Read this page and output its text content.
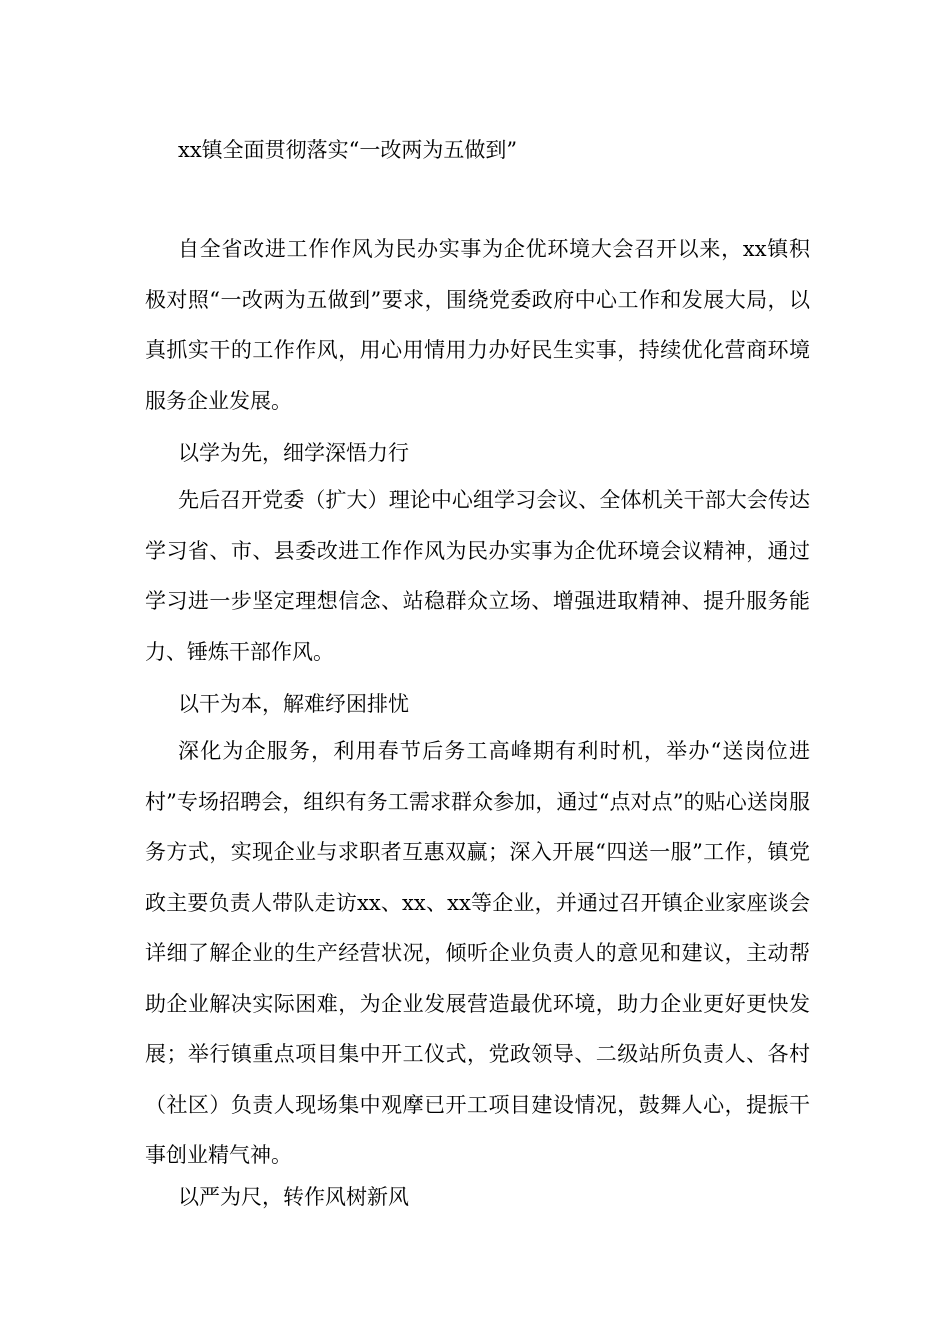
xx镇全面贯彻落实“一改两为五做到”

自全省改进工作作风为民办实事为企优环境大会召开以来，xx镇积极对照“一改两为五做到”要求，围绕党委政府中心工作和发展大局，以真抓实干的工作作风，用心用情用力办好民生实事，持续优化营商环境服务企业发展。

以学为先，细学深悟力行

先后召开党委（扩大）理论中心组学习会议、全体机关干部大会传达学习省、市、县委改进工作作风为民办实事为企优环境会议精神，通过学习进一步坚定理想信念、站稳群众立场、增强进取精神、提升服务能力、锤炼干部作风。

以干为本，解难纾困排忧

深化为企服务，利用春节后务工高峰期有利时机，举办“送岗位进村”专场招聘会，组织有务工需求群众参加，通过“点对点”的贴心送岗服务方式，实现企业与求职者互惠双赢；深入开展“四送一服”工作，镇党政主要负责人带队走访xx、xx、xx等企业，并通过召开镇企业家座谈会详细了解企业的生产经营状况，倾听企业负责人的意见和建议，主动帮助企业解决实际困难，为企业发展营造最优环境，助力企业更好更快发展；举行镇重点项目集中开工仪式，党政领导、二级站所负责人、各村（社区）负责人现场集中观摩已开工项目建设情况，鼓舞人心，提振干事创业精气神。

以严为尺，转作风树新风
